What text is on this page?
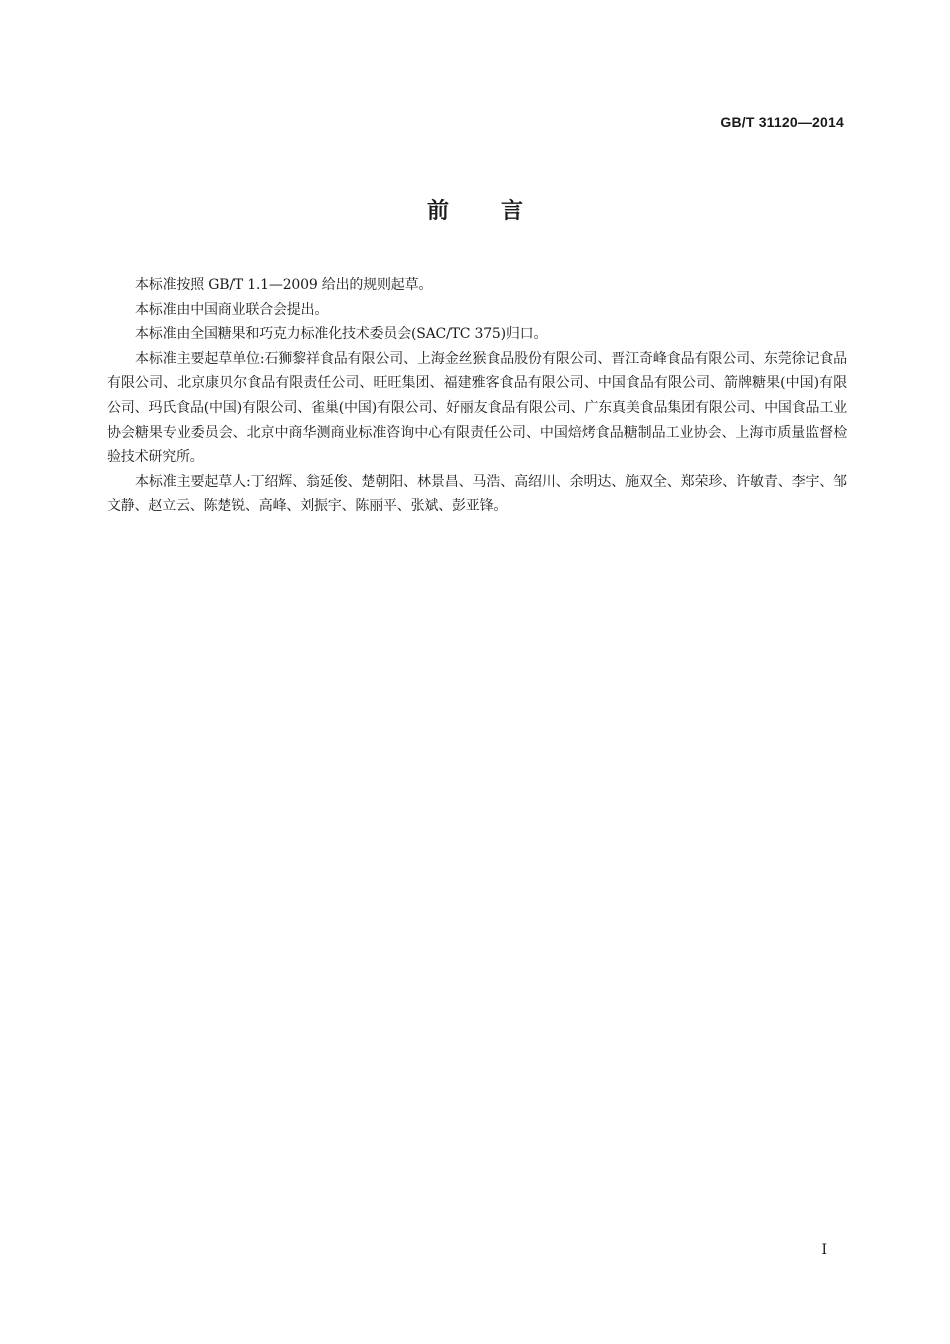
GB/T 31120—2014
前言

本标准按照 GB/T 1.1—2009 给出的规则起草。

本标准由中国商业联合会提出。

本标准由全国糖果和巧克力标准化技术委员会(SAC/TC 375)归口。

本标准主要起草单位:石狮黎祥食品有限公司、上海金丝猴食品股份有限公司、晋江奇峰食品有限公司、东莞徐记食品有限公司、北京康贝尔食品有限责任公司、旺旺集团、福建雅客食品有限公司、中国食品有限公司、箭牌糖果(中国)有限公司、玛氏食品(中国)有限公司、雀巢(中国)有限公司、好丽友食品有限公司、广东真美食品集团有限公司、中国食品工业协会糖果专业委员会、北京中商华测商业标准咨询中心有限责任公司、中国焙烤食品糖制品工业协会、上海市质量监督检验技术研究所。

本标准主要起草人:丁绍辉、翁延俊、楚朝阳、林景昌、马浩、高绍川、余明达、施双全、郑荣珍、许敏青、李宇、邹文静、赵立云、陈楚锐、高峰、刘振宇、陈丽平、张斌、彭亚锋。

I
